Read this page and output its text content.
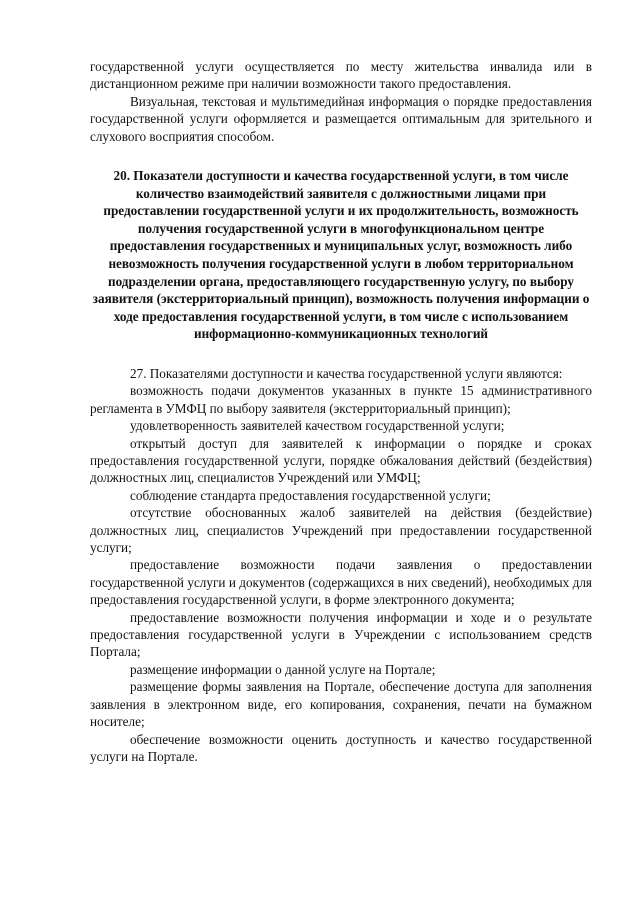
государственной услуги осуществляется по месту жительства инвалида или в дистанционном режиме при наличии возможности такого предоставления.

Визуальная, текстовая и мультимедийная информация о порядке предоставления государственной услуги оформляется и размещается оптимальным для зрительного и слухового восприятия способом.

20. Показатели доступности и качества государственной услуги, в том числе количество взаимодействий заявителя с должностными лицами при предоставлении государственной услуги и их продолжительность, возможность получения государственной услуги в многофункциональном центре предоставления государственных и муниципальных услуг, возможность либо невозможность получения государственной услуги в любом территориальном подразделении органа, предоставляющего государственную услугу, по выбору заявителя (экстерриториальный принцип), возможность получения информации о ходе предоставления государственной услуги, в том числе с использованием информационно-коммуникационных технологий

27. Показателями доступности и качества государственной услуги являются:

возможность подачи документов указанных в пункте 15 административного регламента в УМФЦ по выбору заявителя (экстерриториальный принцип);

удовлетворенность заявителей качеством государственной услуги;

открытый доступ для заявителей к информации о порядке и сроках предоставления государственной услуги, порядке обжалования действий (бездействия) должностных лиц, специалистов Учреждений или УМФЦ;

соблюдение стандарта предоставления государственной услуги;

отсутствие обоснованных жалоб заявителей на действия (бездействие) должностных лиц, специалистов Учреждений при предоставлении государственной услуги;

предоставление возможности подачи заявления о предоставлении государственной услуги и документов (содержащихся в них сведений), необходимых для предоставления государственной услуги, в форме электронного документа;

предоставление возможности получения информации и ходе и о результате предоставления государственной услуги в Учреждении с использованием средств Портала;

размещение информации о данной услуге на Портале;

размещение формы заявления на Портале, обеспечение доступа для заполнения заявления в электронном виде, его копирования, сохранения, печати на бумажном носителе;

обеспечение возможности оценить доступность и качество государственной услуги на Портале.
